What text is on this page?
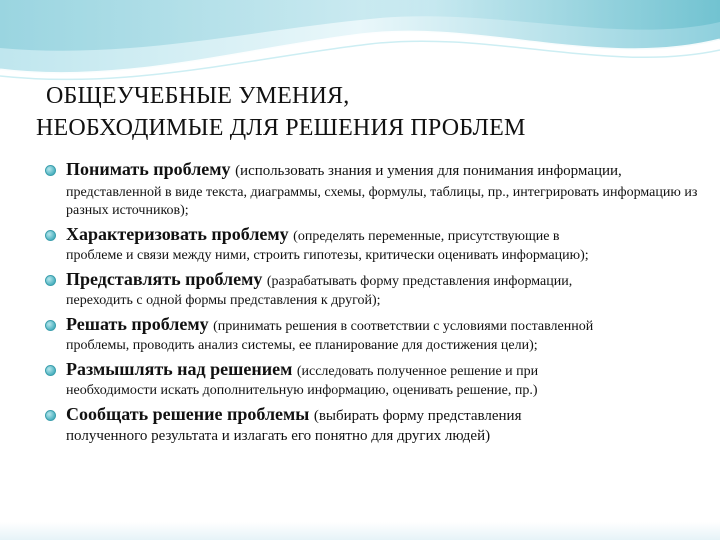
ОБЩЕУЧЕБНЫЕ УМЕНИЯ,
НЕОБХОДИМЫЕ ДЛЯ РЕШЕНИЯ ПРОБЛЕМ
Понимать проблему (использовать знания и умения для понимания информации,
представленной в виде текста, диаграммы, схемы, формулы, таблицы, пр., интегрировать информацию из разных источников);
Характеризовать проблему (определять переменные, присутствующие в
проблеме и связи между ними, строить гипотезы, критически оценивать информацию);
Представлять проблему (разрабатывать форму представления информации,
переходить с одной формы представления к другой);
Решать проблему (принимать решения в соответствии с условиями поставленной
проблемы, проводить анализ системы, ее планирование для достижения цели);
Размышлять над решением (исследовать полученное решение и при
необходимости искать дополнительную информацию, оценивать решение, пр.)
Сообщать решение проблемы (выбирать форму представления
полученного результата и излагать его понятно для других людей)
